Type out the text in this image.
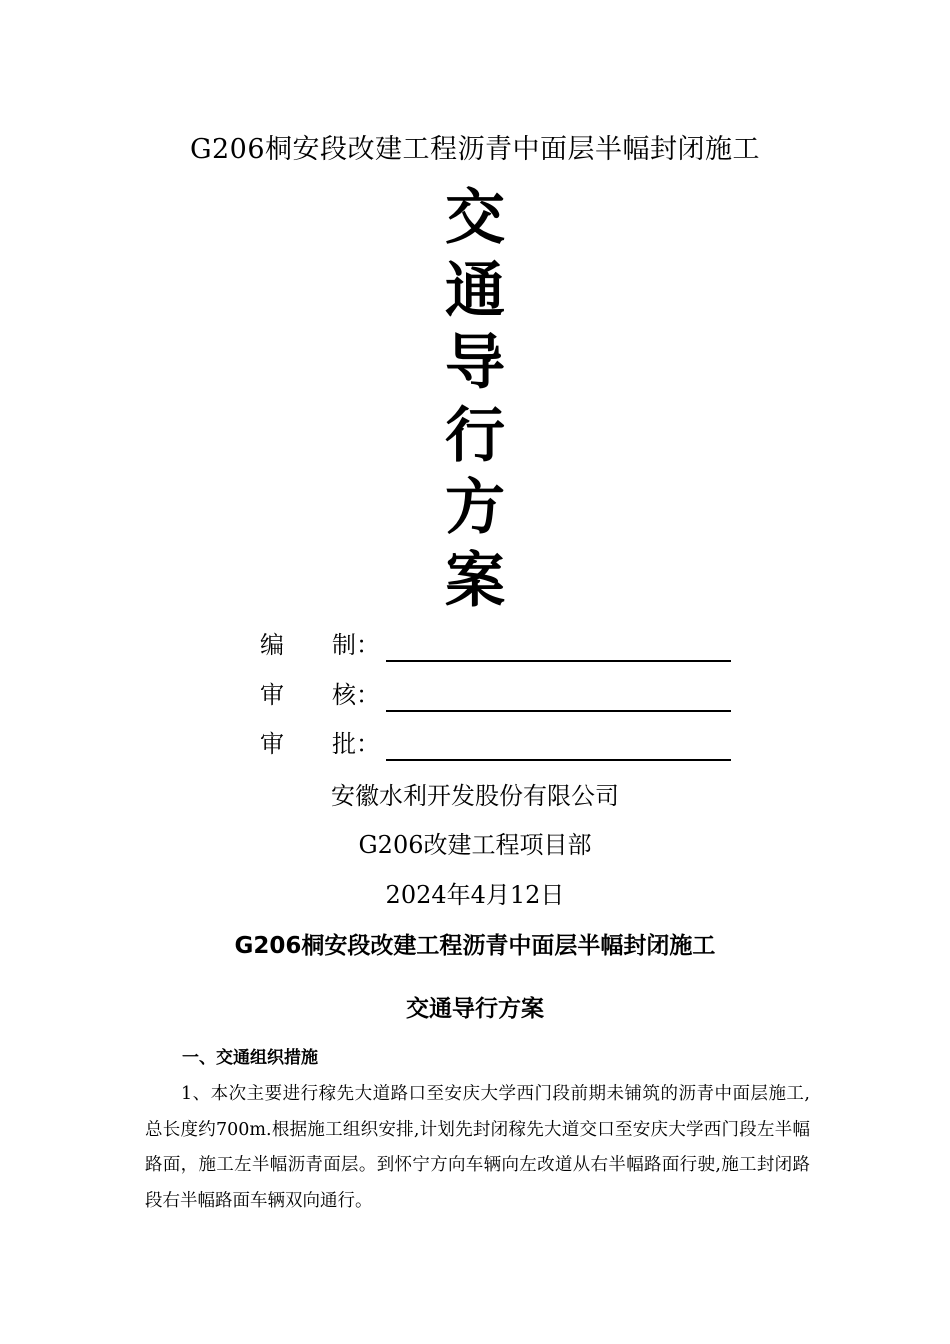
G206桐安段改建工程沥青中面层半幅封闭施工
交
通
导
行
方
案
编 制：
审 核：
审 批：
安徽水利开发股份有限公司
G206改建工程项目部
2024年4月12日
G206桐安段改建工程沥青中面层半幅封闭施工
交通导行方案
一、交通组织措施
1、本次主要进行稼先大道路口至安庆大学西门段前期未铺筑的沥青中面层施工,总长度约700m.根据施工组织安排,计划先封闭稼先大道交口至安庆大学西门段左半幅路面，施工左半幅沥青面层。到怀宁方向车辆向左改道从右半幅路面行驶,施工封闭路段右半幅路面车辆双向通行。
